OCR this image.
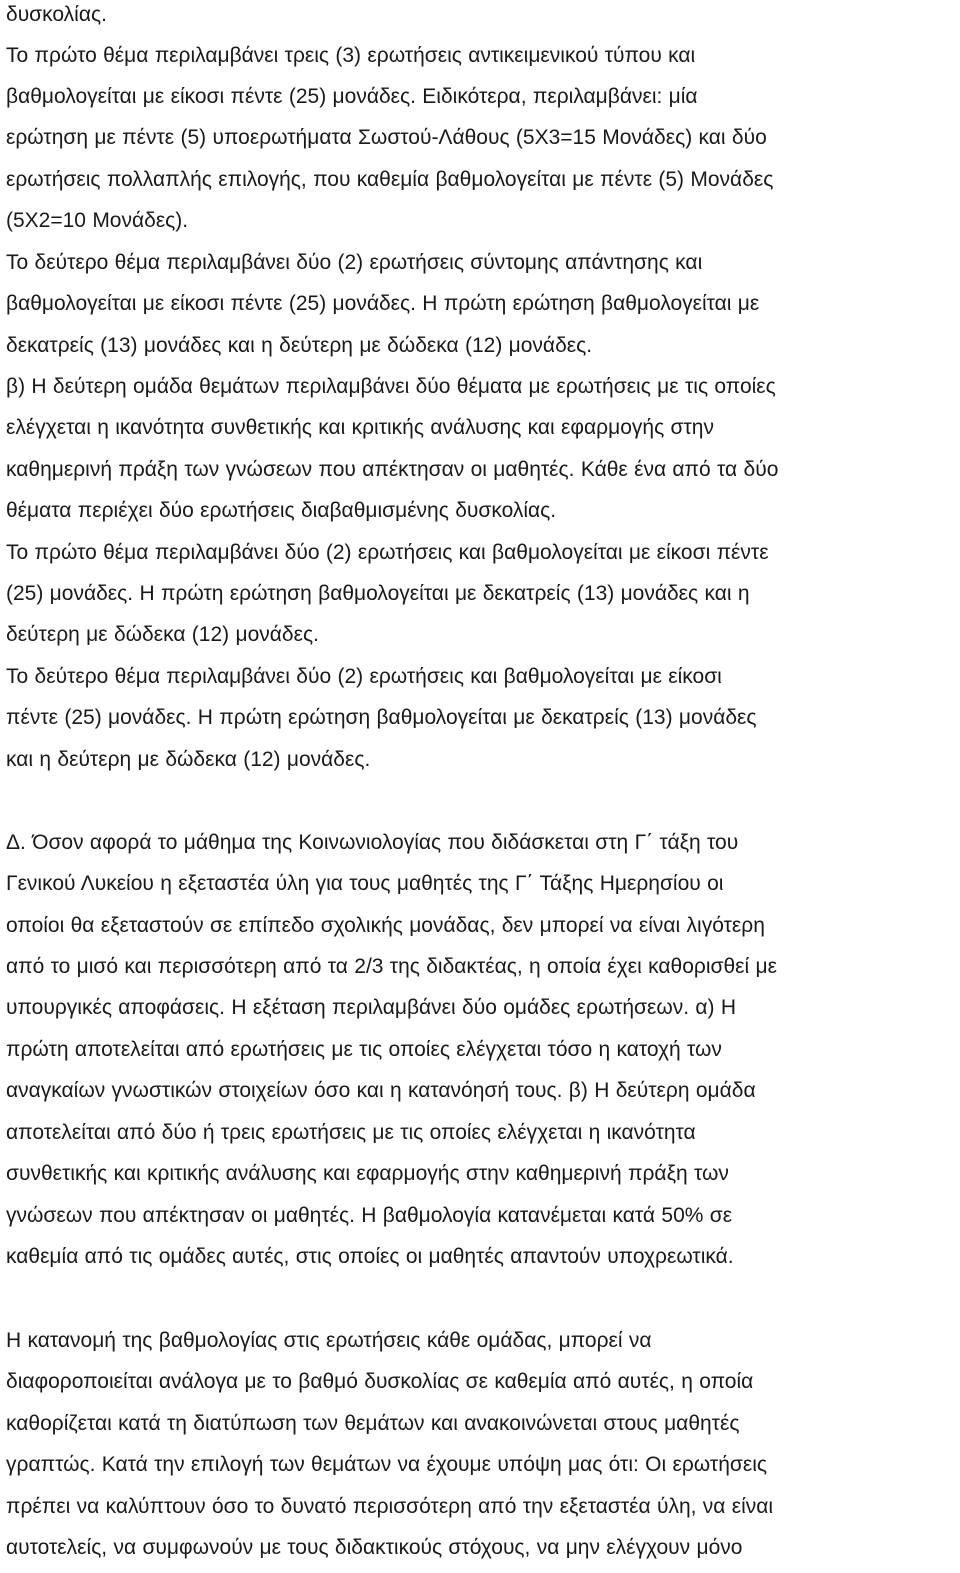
δυσκολίας.
Το πρώτο θέμα περιλαμβάνει τρεις (3) ερωτήσεις αντικειμενικού τύπου και
βαθμολογείται με είκοσι πέντε (25) μονάδες. Ειδικότερα, περιλαμβάνει: μία
ερώτηση με πέντε (5) υποερωτήματα Σωστού-Λάθους (5Χ3=15 Μονάδες) και δύο
ερωτήσεις πολλαπλής επιλογής, που καθεμία βαθμολογείται με πέντε (5) Μονάδες
(5Χ2=10 Μονάδες).
Το δεύτερο θέμα περιλαμβάνει δύο (2) ερωτήσεις σύντομης απάντησης και
βαθμολογείται με είκοσι πέντε (25) μονάδες. Η πρώτη ερώτηση βαθμολογείται με
δεκατρείς (13) μονάδες και η δεύτερη με δώδεκα (12) μονάδες.
β) Η δεύτερη ομάδα θεμάτων περιλαμβάνει δύο θέματα με ερωτήσεις με τις οποίες
ελέγχεται η ικανότητα συνθετικής και κριτικής ανάλυσης και εφαρμογής στην
καθημερινή πράξη των γνώσεων που απέκτησαν οι μαθητές. Κάθε ένα από τα δύο
θέματα περιέχει δύο ερωτήσεις διαβαθμισμένης δυσκολίας.
Το πρώτο θέμα περιλαμβάνει δύο (2) ερωτήσεις και βαθμολογείται με είκοσι πέντε
(25) μονάδες. Η πρώτη ερώτηση βαθμολογείται με δεκατρείς (13) μονάδες και η
δεύτερη με δώδεκα (12) μονάδες.
Το δεύτερο θέμα περιλαμβάνει δύο (2) ερωτήσεις και βαθμολογείται με είκοσι
πέντε (25) μονάδες. Η πρώτη ερώτηση βαθμολογείται με δεκατρείς (13) μονάδες
και η δεύτερη με δώδεκα (12) μονάδες.
Δ. Όσον αφορά το μάθημα της Κοινωνιολογίας που διδάσκεται στη Γ΄ τάξη του
Γενικού Λυκείου η εξεταστέα ύλη για τους μαθητές της Γ΄ Τάξης Ημερησίου οι
οποίοι θα εξεταστούν σε επίπεδο σχολικής μονάδας, δεν μπορεί να είναι λιγότερη
από το μισό και περισσότερη από τα 2/3 της διδακτέας, η οποία έχει καθορισθεί με
υπουργικές αποφάσεις. Η εξέταση περιλαμβάνει δύο ομάδες ερωτήσεων. α) Η
πρώτη αποτελείται από ερωτήσεις με τις οποίες ελέγχεται τόσο η κατοχή των
αναγκαίων γνωστικών στοιχείων όσο και η κατανόησή τους. β) Η δεύτερη ομάδα
αποτελείται από δύο ή τρεις ερωτήσεις με τις οποίες ελέγχεται η ικανότητα
συνθετικής και κριτικής ανάλυσης και εφαρμογής στην καθημερινή πράξη των
γνώσεων που απέκτησαν οι μαθητές. Η βαθμολογία κατανέμεται κατά 50% σε
καθεμία από τις ομάδες αυτές, στις οποίες οι μαθητές απαντούν υποχρεωτικά.
Η κατανομή της βαθμολογίας στις ερωτήσεις κάθε ομάδας, μπορεί να
διαφοροποιείται ανάλογα με το βαθμό δυσκολίας σε καθεμία από αυτές, η οποία
καθορίζεται κατά τη διατύπωση των θεμάτων και ανακοινώνεται στους μαθητές
γραπτώς. Κατά την επιλογή των θεμάτων να έχουμε υπόψη μας ότι: Οι ερωτήσεις
πρέπει να καλύπτουν όσο το δυνατό περισσότερη από την εξεταστέα ύλη, να είναι
αυτοτελείς, να συμφωνούν με τους διδακτικούς στόχους, να μην ελέγχουν μόνο
